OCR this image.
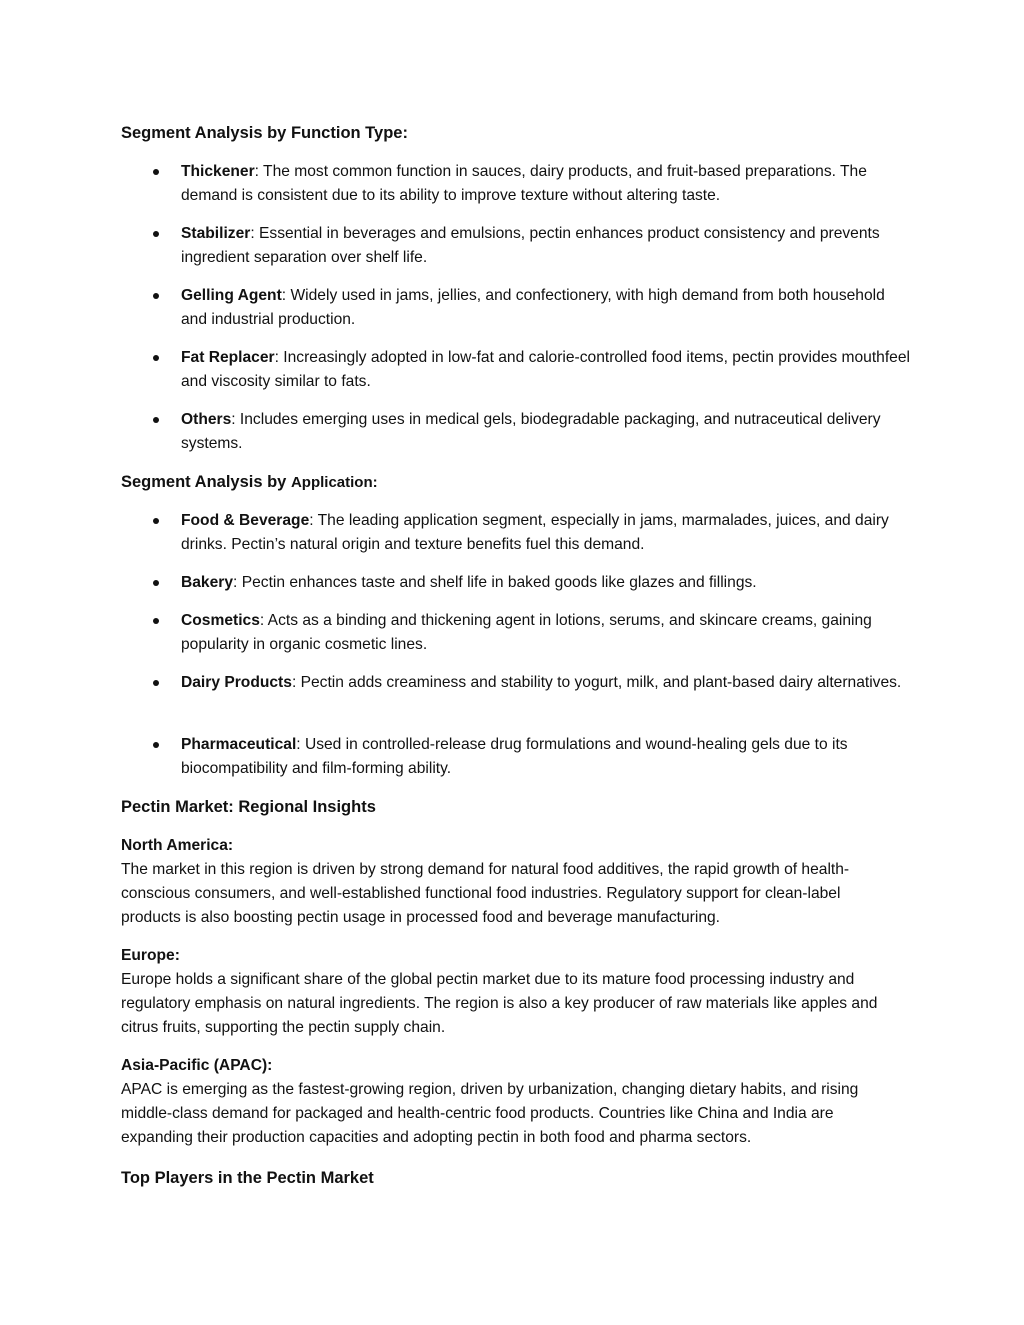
Segment Analysis by Function Type:
Thickener: The most common function in sauces, dairy products, and fruit-based preparations. The demand is consistent due to its ability to improve texture without altering taste.
Stabilizer: Essential in beverages and emulsions, pectin enhances product consistency and prevents ingredient separation over shelf life.
Gelling Agent: Widely used in jams, jellies, and confectionery, with high demand from both household and industrial production.
Fat Replacer: Increasingly adopted in low-fat and calorie-controlled food items, pectin provides mouthfeel and viscosity similar to fats.
Others: Includes emerging uses in medical gels, biodegradable packaging, and nutraceutical delivery systems.
Segment Analysis by Application:
Food & Beverage: The leading application segment, especially in jams, marmalades, juices, and dairy drinks. Pectin’s natural origin and texture benefits fuel this demand.
Bakery: Pectin enhances taste and shelf life in baked goods like glazes and fillings.
Cosmetics: Acts as a binding and thickening agent in lotions, serums, and skincare creams, gaining popularity in organic cosmetic lines.
Dairy Products: Pectin adds creaminess and stability to yogurt, milk, and plant-based dairy alternatives.
Pharmaceutical: Used in controlled-release drug formulations and wound-healing gels due to its biocompatibility and film-forming ability.
Pectin Market: Regional Insights
North America:
The market in this region is driven by strong demand for natural food additives, the rapid growth of health-conscious consumers, and well-established functional food industries. Regulatory support for clean-label products is also boosting pectin usage in processed food and beverage manufacturing.
Europe:
Europe holds a significant share of the global pectin market due to its mature food processing industry and regulatory emphasis on natural ingredients. The region is also a key producer of raw materials like apples and citrus fruits, supporting the pectin supply chain.
Asia-Pacific (APAC):
APAC is emerging as the fastest-growing region, driven by urbanization, changing dietary habits, and rising middle-class demand for packaged and health-centric food products. Countries like China and India are expanding their production capacities and adopting pectin in both food and pharma sectors.
Top Players in the Pectin Market
